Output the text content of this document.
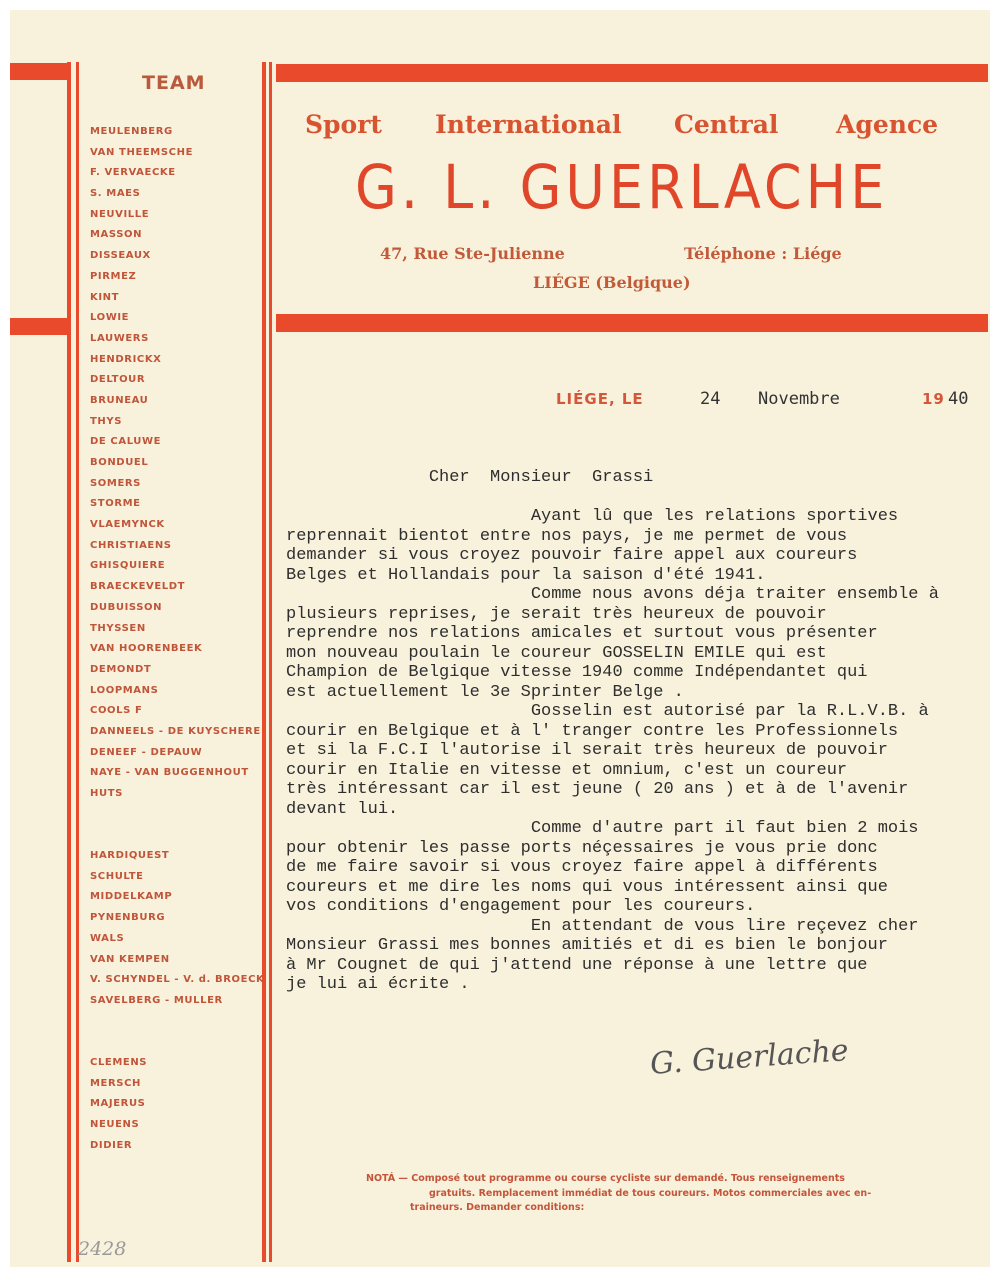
TEAM
MEULENBERG
VAN THEEMSCHE
F. VERVAECKE
S. MAES
NEUVILLE
MASSON
DISSEAUX
PIRMEZ
KINT
LOWIE
LAUWERS
HENDRICKX
DELTOUR
BRUNEAU
THYS
DE CALUWE
BONDUEL
SOMERS
STORME
VLAEMYNCK
CHRISTIAENS
GHISQUIERE
BRAECKEVELDT
DUBUISSON
THYSSEN
VAN HOORENBEEK
DEMONDT
LOOPMANS
COOLS F
DANNEELS - DE KUYSCHERE
DENEEF - DEPAUW
NAYE - VAN BUGGENHOUT
HUTS
HARDIQUEST
SCHULTE
MIDDELKAMP
PYNENBURG
WALS
VAN KEMPEN
V. SCHYNDEL - V. d. BROECK
SAVELBERG - MULLER
CLEMENS
MERSCH
MAJERUS
NEUENS
DIDIER
Sport International Central Agence
G. L. GUERLACHE
47, Rue Ste-Julienne	Téléphone : Liége
LIÉGE (Belgique)
LIÉGE, LE	24 Novembre	19 40
Cher  Monsieur  Grassi
Ayant lû que les relations sportives
reprennait bientot entre nos pays, je me permet de vous
demander si vous croyez pouvoir faire appel aux coureurs
Belges et Hollandais pour la saison d'été 1941.
Comme nous avons déja traiter ensemble à
plusieurs reprises, je serait très heureux de pouvoir
reprendre nos relations amicales et surtout vous présenter
mon nouveau poulain le coureur GOSSELIN EMILE qui est
Champion de Belgique vitesse 1940 comme Indépendantet qui
est actuellement le 3e Sprinter Belge .
Gosselin est autorisé par la R.L.V.B. à
courir en Belgique et à l' tranger contre les Professionnels
et si la F.C.I l'autorise il serait très heureux de pouvoir
courir en Italie en vitesse et omnium, c'est un coureur
très intéressant car il est jeune ( 20 ans ) et à de l'avenir
devant lui.
Comme d'autre part il faut bien 2 mois
pour obtenir les passe ports néçessaires je vous prie donc
de me faire savoir si vous croyez faire appel à différents
coureurs et me dire les noms qui vous intéressent ainsi que
vos conditions d'engagement pour les coureurs.
En attendant de vous lire reçevez cher
Monsieur Grassi mes bonnes amitiés et di es bien le bonjour
à Mr Cougnet de qui j'attend une réponse à une lettre que
je lui ai écrite .
G. Guerlache
NOTÁ — Composé tout programme ou course cycliste sur demandé. Tous renseignements
gratuits. Remplacement immédiat de tous coureurs. Motos commerciales avec en-
traineurs. Demander conditions:
2428
